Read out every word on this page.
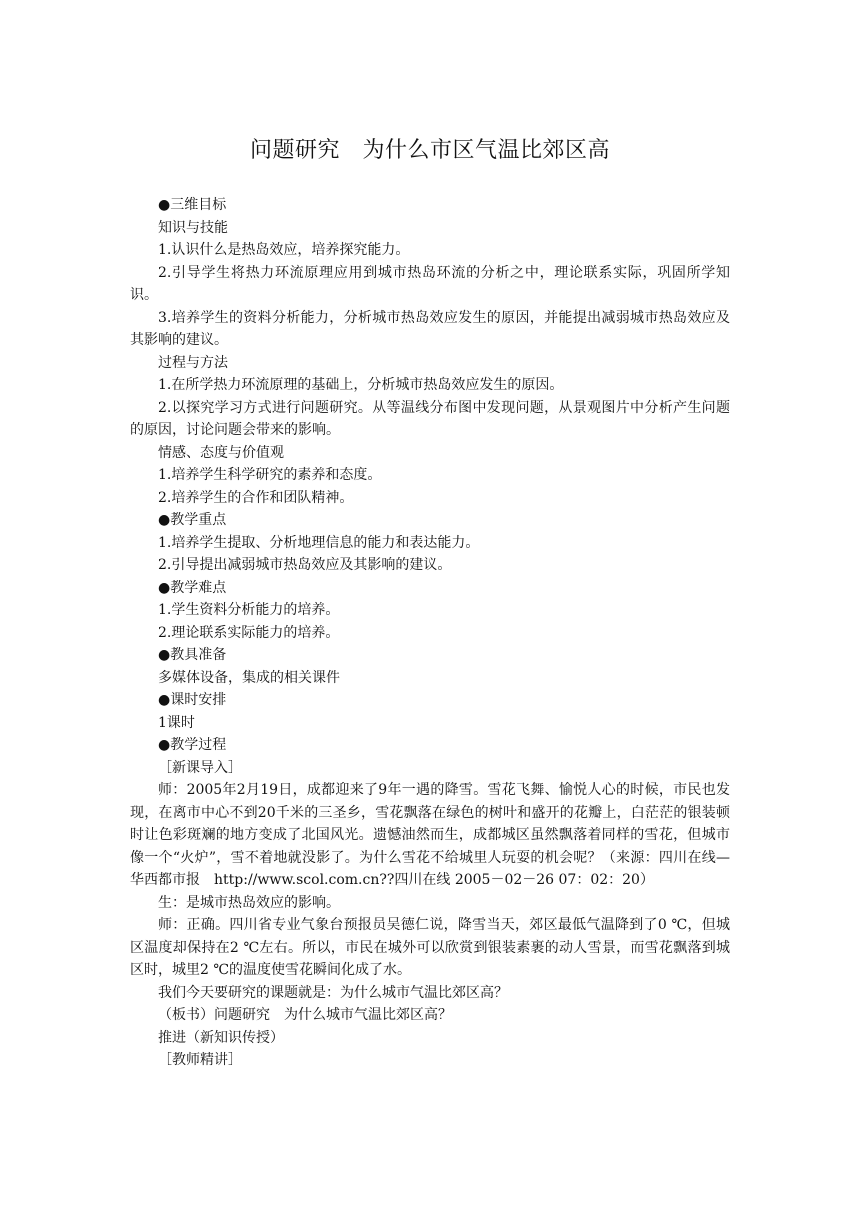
问题研究　为什么市区气温比郊区高

●三维目标

知识与技能

1.认识什么是热岛效应，培养探究能力。

2.引导学生将热力环流原理应用到城市热岛环流的分析之中，理论联系实际，巩固所学知识。

3.培养学生的资料分析能力，分析城市热岛效应发生的原因，并能提出减弱城市热岛效应及其影响的建议。

过程与方法

1.在所学热力环流原理的基础上，分析城市热岛效应发生的原因。

2.以探究学习方式进行问题研究。从等温线分布图中发现问题，从景观图片中分析产生问题的原因，讨论问题会带来的影响。

情感、态度与价值观

1.培养学生科学研究的素养和态度。

2.培养学生的合作和团队精神。

●教学重点

1.培养学生提取、分析地理信息的能力和表达能力。

2.引导提出减弱城市热岛效应及其影响的建议。

●教学难点

1.学生资料分析能力的培养。

2.理论联系实际能力的培养。

●教具准备

多媒体设备，集成的相关课件

●课时安排

1课时

●教学过程

［新课导入］

师：2005年2月19日，成都迎来了9年一遇的降雪。雪花飞舞、愉悦人心的时候，市民也发现，在离市中心不到20千米的三圣乡，雪花飘落在绿色的树叶和盛开的花瓣上，白茫茫的银装顿时让色彩斑斓的地方变成了北国风光。遗憾油然而生，成都城区虽然飘落着同样的雪花，但城市像一个“火炉”，雪不着地就没影了。为什么雪花不给城里人玩耍的机会呢？（来源：四川在线—华西都市报　http://www.scol.com.cn??四川在线 2005－02－26 07：02：20）

生：是城市热岛效应的影响。

师：正确。四川省专业气象台预报员吴德仁说，降雪当天，郊区最低气温降到了0 ℃，但城区温度却保持在2 ℃左右。所以，市民在城外可以欣赏到银装素裹的动人雪景，而雪花飘落到城区时，城里2 ℃的温度使雪花瞬间化成了水。

我们今天要研究的课题就是：为什么城市气温比郊区高？

（板书）问题研究　为什么城市气温比郊区高？

推进（新知识传授）

［教师精讲］
